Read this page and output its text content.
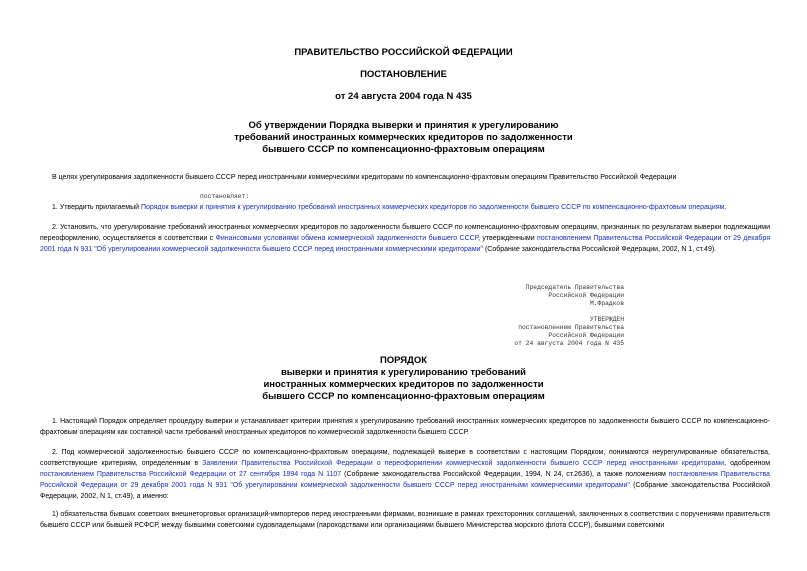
ПРАВИТЕЛЬСТВО РОССИЙСКОЙ ФЕДЕРАЦИИ
ПОСТАНОВЛЕНИЕ
от 24 августа 2004 года N 435
Об утверждении Порядка выверки и принятия к урегулированию
требований иностранных коммерческих кредиторов по задолженности
бывшего СССР по компенсационно-фрахтовым операциям
В целях урегулирования задолженности бывшего СССР перед иностранными коммерческими кредиторами по компенсационно-фрахтовым операциям Правительство Российской Федерации
постановляет:
1. Утвердить прилагаемый Порядок выверки и принятия к урегулированию требований иностранных коммерческих кредиторов по задолженности бывшего СССР по компенсационно-фрахтовым операциям.
2. Установить, что урегулирование требований иностранных коммерческих кредиторов по задолженности бывшего СССР по компенсационно-фрахтовым операциям, признанных по результатам выверки подлежащими переоформлению, осуществляется в соответствии с Финансовыми условиями обмена коммерческой задолженности бывшего СССР, утвержденными постановлением Правительства Российской Федерации от 29 декабря 2001 года N 931 "Об урегулировании коммерческой задолженности бывшего СССР перед иностранными коммерческими кредиторами" (Собрание законодательства Российской Федерации, 2002, N 1, ст.49).
Председатель Правительства
Российской Федерации
М.Фрадков
УТВЕРЖДЕН
постановлением Правительства
Российской Федерации
от 24 августа 2004 года N 435
ПОРЯДОК
выверки и принятия к урегулированию требований
иностранных коммерческих кредиторов по задолженности
бывшего СССР по компенсационно-фрахтовым операциям
1. Настоящий Порядок определяет процедуру выверки и устанавливает критерии принятия к урегулированию требований иностранных коммерческих кредиторов по задолженности бывшего СССР по компенсационно-фрахтовым операциям как составной части требований иностранных кредиторов по коммерческой задолженности бывшего СССР.
2. Под коммерческой задолженностью бывшего СССР по компенсационно-фрахтовым операциям, подлежащей выверке в соответствии с настоящим Порядком, понимаются неурегулированные обязательства, соответствующие критериям, определенным в Заявлении Правительства Российской Федерации о переоформлении коммерческой задолженности бывшего СССР перед иностранными кредиторами, одобренном постановлением Правительства Российской Федерации от 27 сентября 1994 года N 1107 (Собрание законодательства Российской Федерации, 1994, N 24, ст.2636), а также положениям постановления Правительства Российской Федерации от 29 декабря 2001 года N 931 "Об урегулировании коммерческой задолженности бывшего СССР перед иностранными коммерческими кредиторами" (Собрание законодательства Российской Федерации, 2002, N 1, ст.49), а именно:
1) обязательства бывших советских внешнеторговых организаций-импортеров перед иностранными фирмами, возникшие в рамках трехсторонних соглашений, заключенных в соответствии с поручениями правительств бывшего СССР или бывшей РСФСР, между бывшими советскими судовладельцами (пароходствами или организациями бывшего Министерства морского флота СССР), бывшими советскими
